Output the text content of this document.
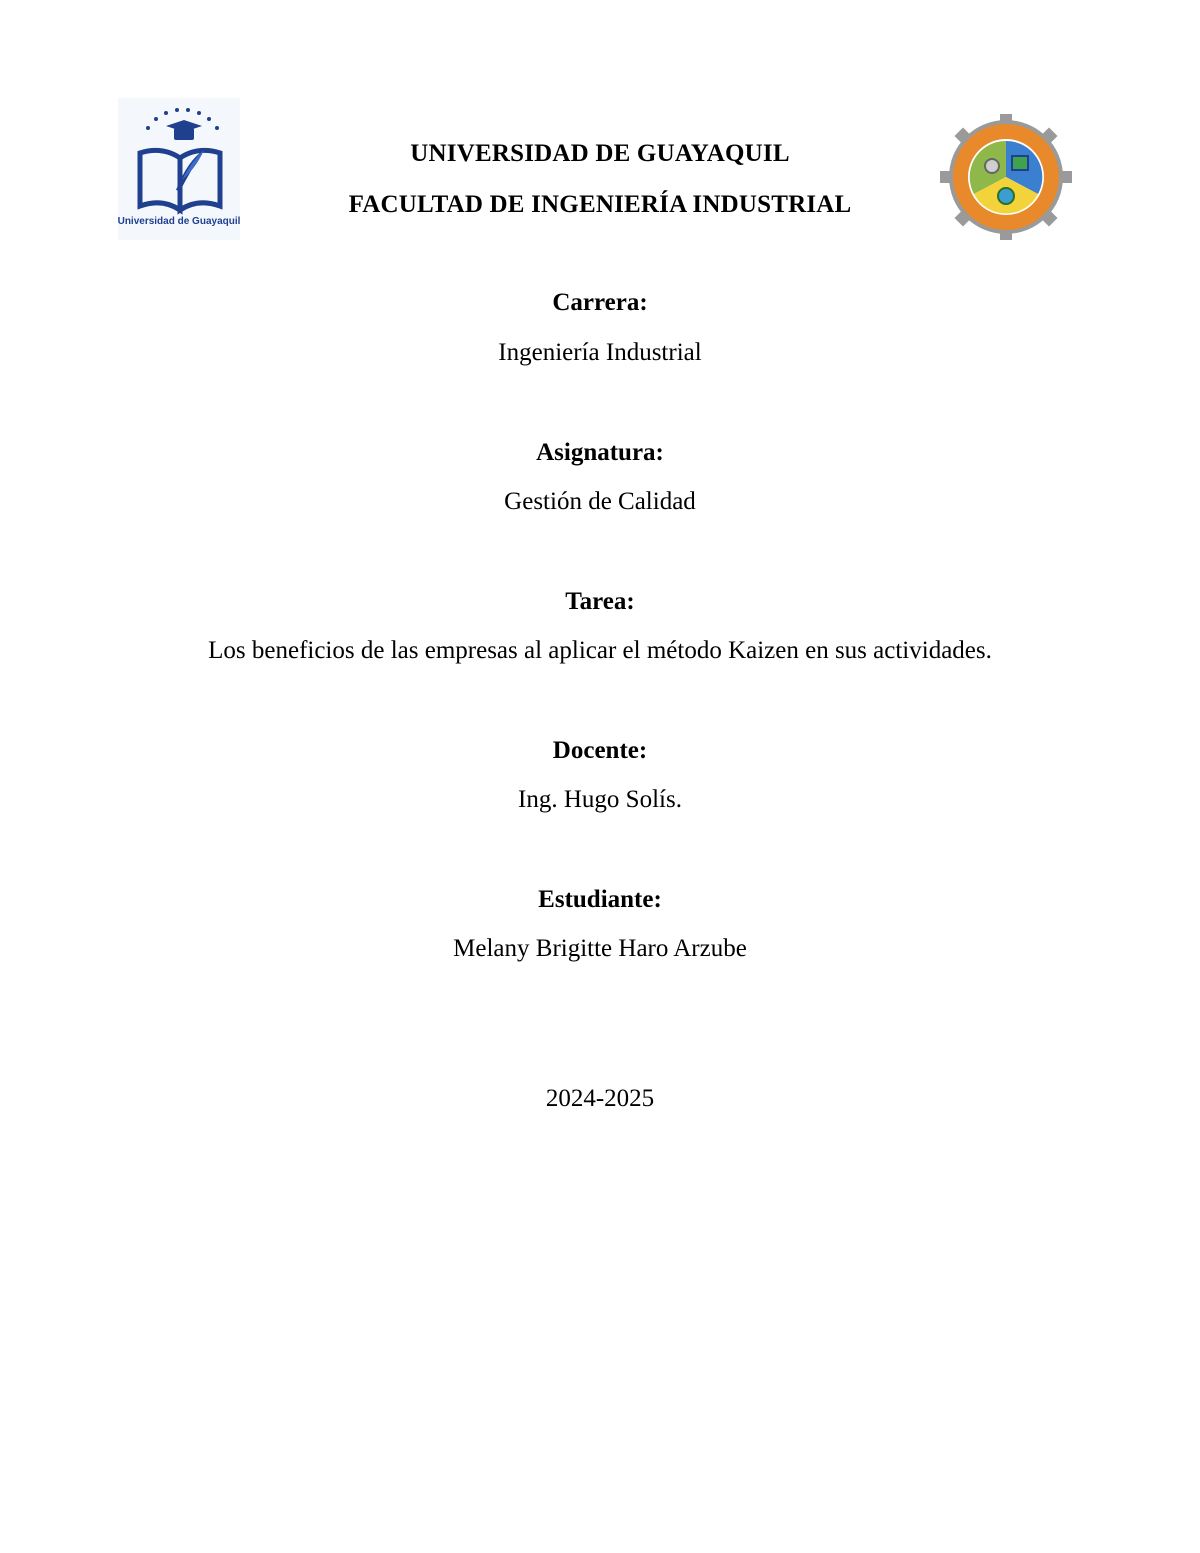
Universidad de Guayaquil
UNIVERSIDAD DE GUAYAQUIL
FACULTAD DE INGENIERÍA INDUSTRIAL
Carrera:
Ingeniería Industrial
Asignatura:
Gestión de Calidad
Tarea:
Los beneficios de las empresas al aplicar el método Kaizen en sus actividades.
Docente:
Ing. Hugo Solís.
Estudiante:
Melany Brigitte Haro Arzube
2024-2025
